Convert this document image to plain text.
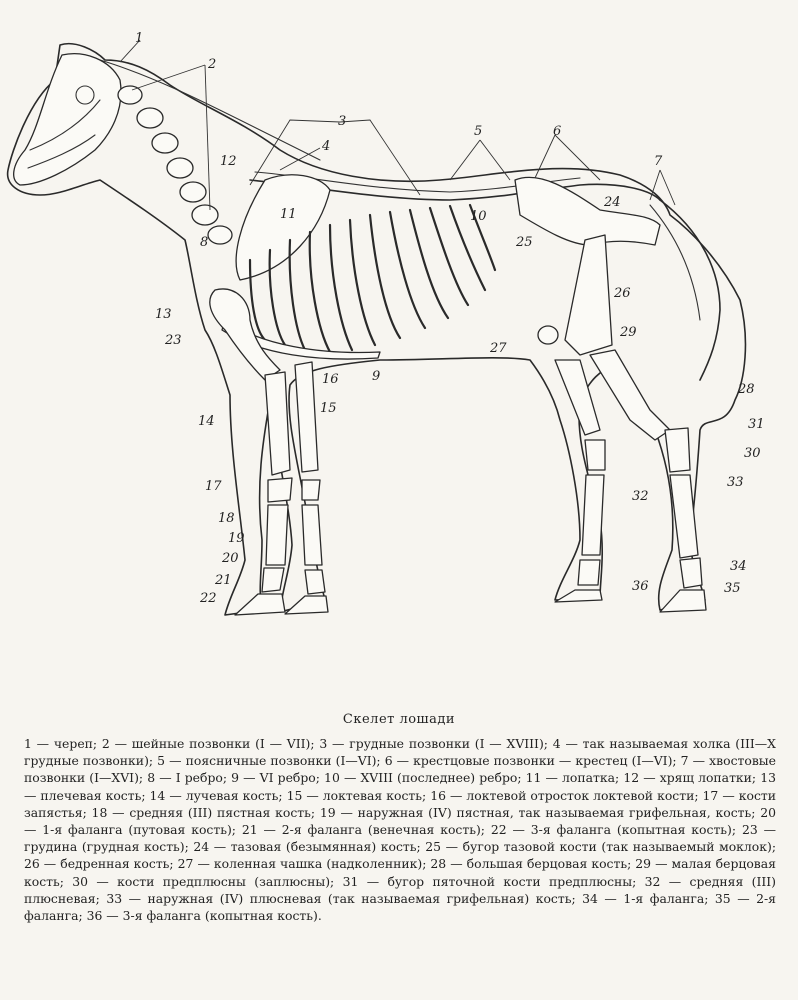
1
2
3
4
5	6
7
8
9
10
11
12
13
14
15
16
17
18
19
20
21
22
23
24
25
26
27
28
29
30
31
32
33
34
35
36
Скелет лошади
1 — череп; 2 — шейные позвонки (I — VII); 3 — грудные позвонки (I — XVIII); 4 — так называемая холка (III—X грудные позвонки); 5 — поясничные позвонки (I—VI); 6 — крестцовые позвонки — крестец (I—VI); 7 — хвостовые позвонки (I—XVI); 8 — I ребро; 9 — VI ребро; 10 — XVIII (последнее) ребро; 11 — лопатка; 12 — хрящ лопатки; 13 — плечевая кость; 14 — лучевая кость; 15 — локтевая кость; 16 — локтевой отросток локтевой кости; 17 — кости запястья; 18 — средняя (III) пястная кость; 19 — наружная (IV) пястная, так называемая грифельная, кость; 20 — 1-я фаланга (путовая кость); 21 — 2-я фаланга (венечная кость); 22 — 3-я фаланга (копытная кость); 23 — грудина (грудная кость); 24 — тазовая (безымянная) кость; 25 — бугор тазовой кости (так называемый моклок); 26 — бедренная кость; 27 — коленная чашка (надколенник); 28 — большая берцовая кость; 29 — малая берцовая кость; 30 — кости предплюсны (заплюсны); 31 — бугор пяточной кости предплюсны; 32 — средняя (III) плюсневая; 33 — наружная (IV) плюсневая (так называемая грифельная) кость; 34 — 1-я фаланга; 35 — 2-я фаланга; 36 — 3-я фаланга (копытная кость).
